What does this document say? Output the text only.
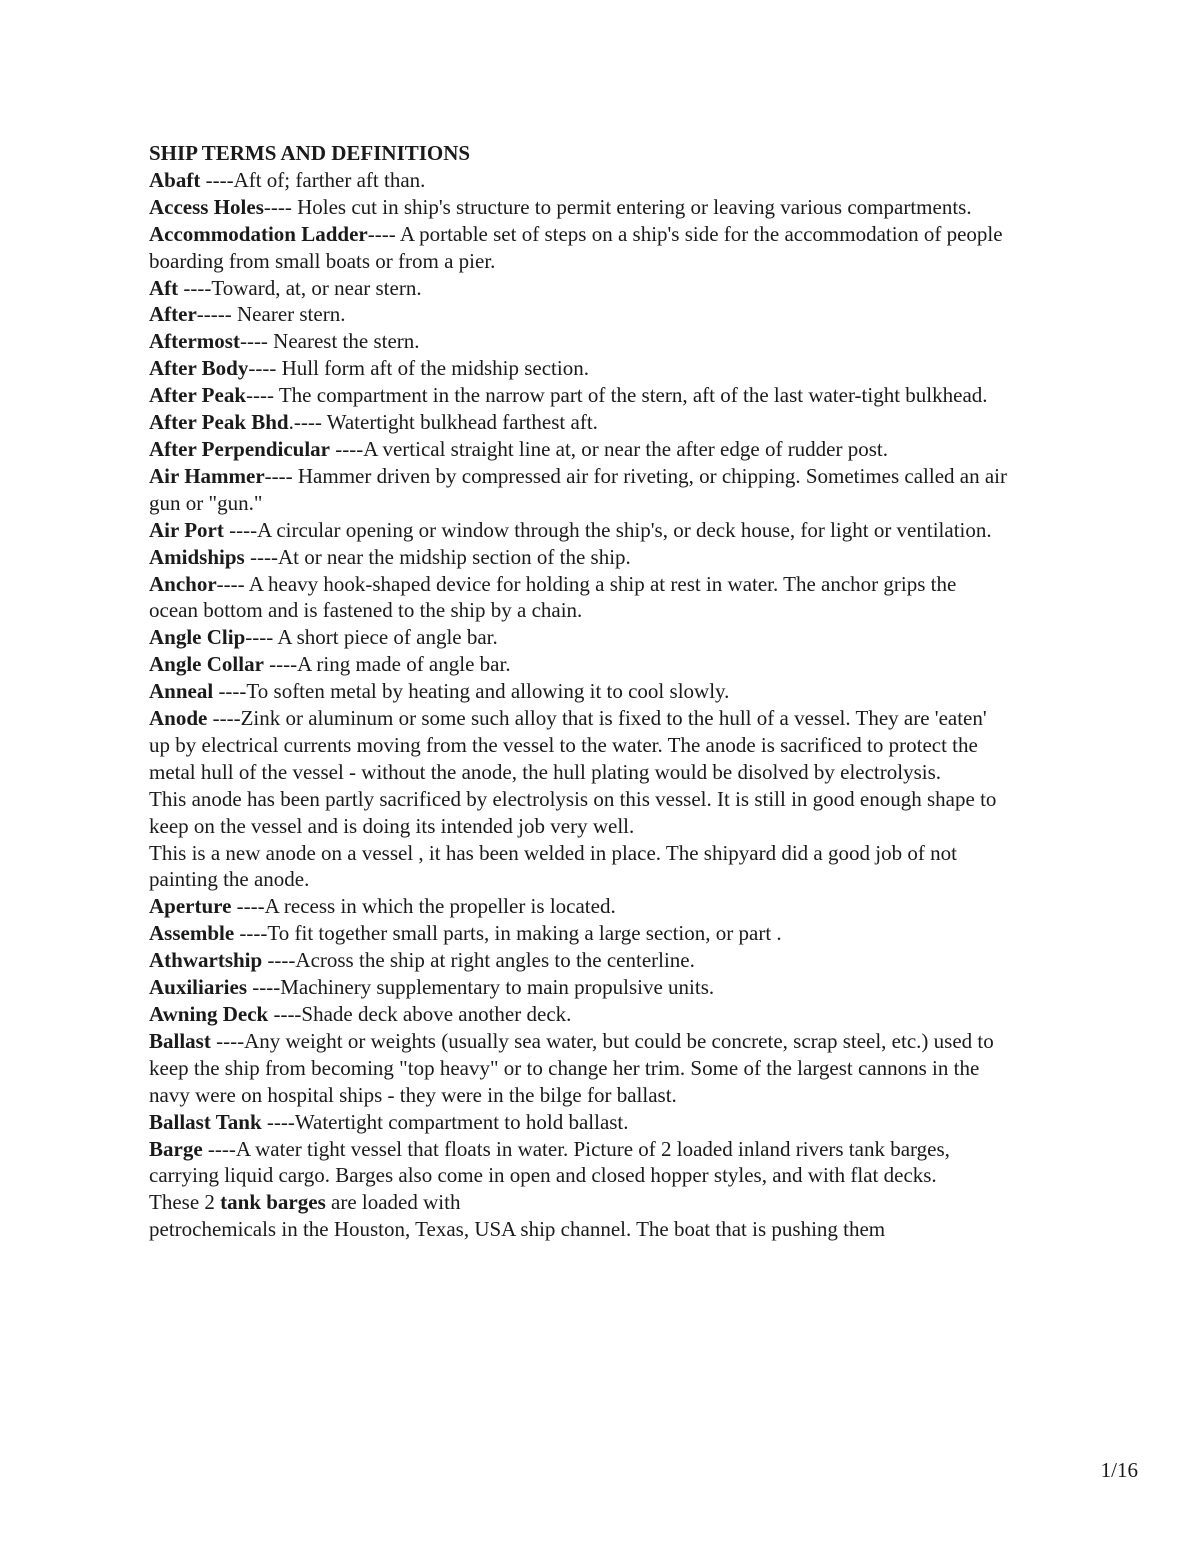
SHIP TERMS AND DEFINITIONS

Abaft ----Aft of; farther aft than.

Access Holes---- Holes cut in ship's structure to permit entering or leaving various compartments.

Accommodation Ladder---- A portable set of steps on a ship's side for the accommodation of people boarding from small boats or from a pier.

Aft ----Toward, at, or near stern.

After----- Nearer stern.

Aftermost---- Nearest the stern.

After Body---- Hull form aft of the midship section.

After Peak---- The compartment in the narrow part of the stern, aft of the last water-tight bulkhead.

After Peak Bhd.---- Watertight bulkhead farthest aft.

After Perpendicular ----A vertical straight line at, or near the after edge of rudder post.

Air Hammer---- Hammer driven by compressed air for riveting, or chipping. Sometimes called an air gun or "gun."

Air Port ----A circular opening or window through the ship's, or deck house, for light or ventilation.

Amidships ----At or near the midship section of the ship.

Anchor---- A heavy hook-shaped device for holding a ship at rest in water. The anchor grips the ocean bottom and is fastened to the ship by a chain.

Angle Clip---- A short piece of angle bar.

Angle Collar ----A ring made of angle bar.

Anneal ----To soften metal by heating and allowing it to cool slowly.

Anode ----Zink or aluminum or some such alloy that is fixed to the hull of a vessel. They are 'eaten' up by electrical currents moving from the vessel to the water. The anode is sacrificed to protect the metal hull of the vessel - without the anode, the hull plating would be disolved by electrolysis.

This anode has been partly sacrificed by electrolysis on this vessel. It is still in good enough shape to keep on the vessel and is doing its intended job very well.

This is a new anode on a vessel , it has been welded in place. The shipyard did a good job of not painting the anode.

Aperture ----A recess in which the propeller is located.

Assemble ----To fit together small parts, in making a large section, or part .

Athwartship ----Across the ship at right angles to the centerline.

Auxiliaries ----Machinery supplementary to main propulsive units.

Awning Deck ----Shade deck above another deck.

Ballast ----Any weight or weights (usually sea water, but could be concrete, scrap steel, etc.) used to keep the ship from becoming "top heavy" or to change her trim. Some of the largest cannons in the navy were on hospital ships - they were in the bilge for ballast.

Ballast Tank ----Watertight compartment to hold ballast.

Barge ----A water tight vessel that floats in water. Picture of 2 loaded inland rivers tank barges, carrying liquid cargo. Barges also come in open and closed hopper styles, and with flat decks.

These 2 tank barges are loaded with

petrochemicals in the Houston, Texas, USA ship channel. The boat that is pushing them

1/16
